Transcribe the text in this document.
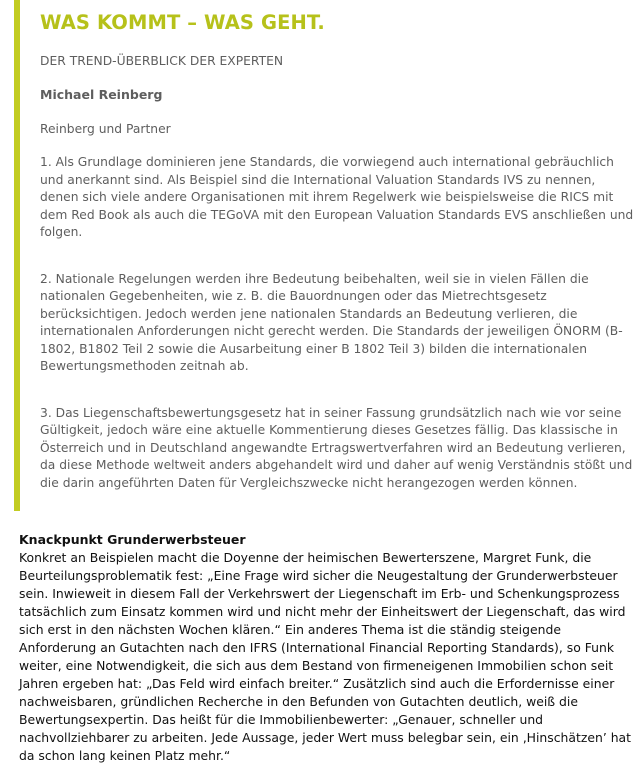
WAS KOMMT – WAS GEHT.
DER TREND-ÜBERBLICK DER EXPERTEN
Michael Reinberg
Reinberg und Partner

1. Als Grundlage dominieren jene Standards, die vorwiegend auch international gebräuchlich und anerkannt sind. Als Beispiel sind die International Valuation Standards IVS zu nennen, denen sich viele andere Organisationen mit ihrem Regelwerk wie beispielsweise die RICS mit dem Red Book als auch die TEGoVA mit den European Valuation Standards EVS anschließen und folgen.

2. Nationale Regelungen werden ihre Bedeutung beibehalten, weil sie in vielen Fällen die nationalen Gegebenheiten, wie z. B. die Bauordnungen oder das Mietrechtsgesetz berücksichtigen. Jedoch werden jene nationalen Standards an Bedeutung verlieren, die internationalen Anforderungen nicht gerecht werden. Die Standards der jeweiligen ÖNORM (B-1802, B1802 Teil 2 sowie die Ausarbeitung einer B 1802 Teil 3) bilden die internationalen Bewertungsmethoden zeitnah ab.

3. Das Liegenschaftsbewertungsgesetz hat in seiner Fassung grundsätzlich nach wie vor seine Gültigkeit, jedoch wäre eine aktuelle Kommentierung dieses Gesetzes fällig. Das klassische in Österreich und in Deutschland angewandte Ertragswertverfahren wird an Bedeutung verlieren, da diese Methode weltweit anders abgehandelt wird und daher auf wenig Verständnis stößt und die darin angeführten Daten für Vergleichszwecke nicht herangezogen werden können.

Knackpunkt Grunderwerbsteuer

Konkret an Beispielen macht die Doyenne der heimischen Bewerterszene, Margret Funk, die Beurteilungsproblematik fest: „Eine Frage wird sicher die Neugestaltung der Grunderwerbsteuer sein. Inwieweit in diesem Fall der Verkehrswert der Liegenschaft im Erb- und Schenkungsprozess tatsächlich zum Einsatz kommen wird und nicht mehr der Einheitswert der Liegenschaft, das wird sich erst in den nächsten Wochen klären.“ Ein anderes Thema ist die ständig steigende Anforderung an Gutachten nach den IFRS (International Financial Reporting Standards), so Funk weiter, eine Notwendigkeit, die sich aus dem Bestand von firmeneigenen Immobilien schon seit Jahren ergeben hat: „Das Feld wird einfach breiter.“ Zusätzlich sind auch die Erfordernisse einer nachweisbaren, gründlichen Recherche in den Befunden von Gutachten deutlich, weiß die Bewertungsexpertin. Das heißt für die Immobilienbewerter: „Genauer, schneller und nachvollziehbarer zu arbeiten. Jede Aussage, jeder Wert muss belegbar sein, ein ‚Hinschätzen’ hat da schon lang keinen Platz mehr.“
